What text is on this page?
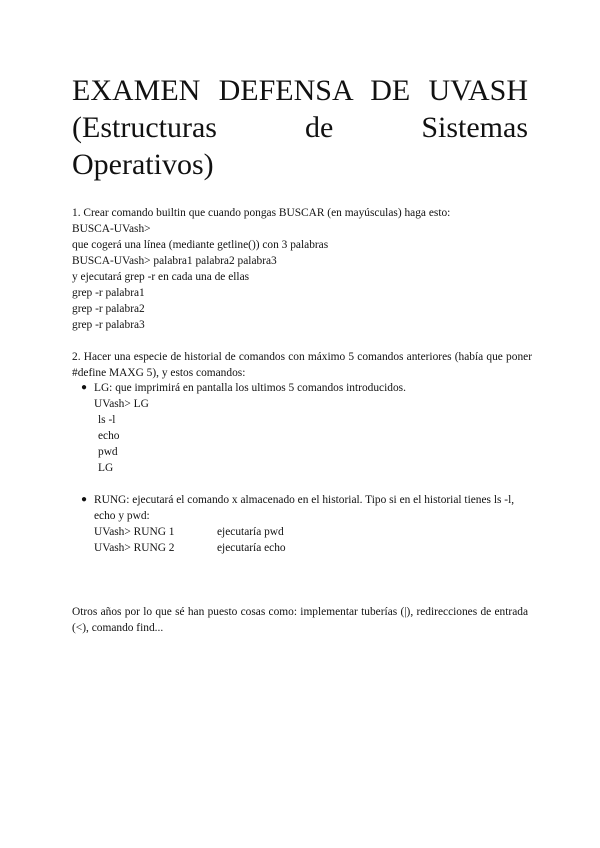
EXAMEN DEFENSA DE UVASH
(Estructuras de Sistemas
Operativos)
1. Crear comando builtin que cuando pongas BUSCAR (en mayúsculas) haga esto:
BUSCA-UVash>
que cogerá una línea (mediante getline()) con 3 palabras
BUSCA-UVash> palabra1 palabra2 palabra3
y ejecutará grep -r en cada una de ellas
grep -r palabra1
grep -r palabra2
grep -r palabra3
2. Hacer una especie de historial de comandos con máximo 5 comandos anteriores (había que poner #define MAXG 5), y estos comandos:
● LG: que imprimirá en pantalla los ultimos 5 comandos introducidos.
UVash> LG
ls -l
echo
pwd
LG
● RUNG: ejecutará el comando x almacenado en el historial. Tipo si en el historial tienes ls -l, echo y pwd:
UVash> RUNG 1	ejecutaría pwd
UVash> RUNG 2	ejecutaría echo
Otros años por lo que sé han puesto cosas como: implementar tuberías (|), redirecciones de entrada (<), comando find...
